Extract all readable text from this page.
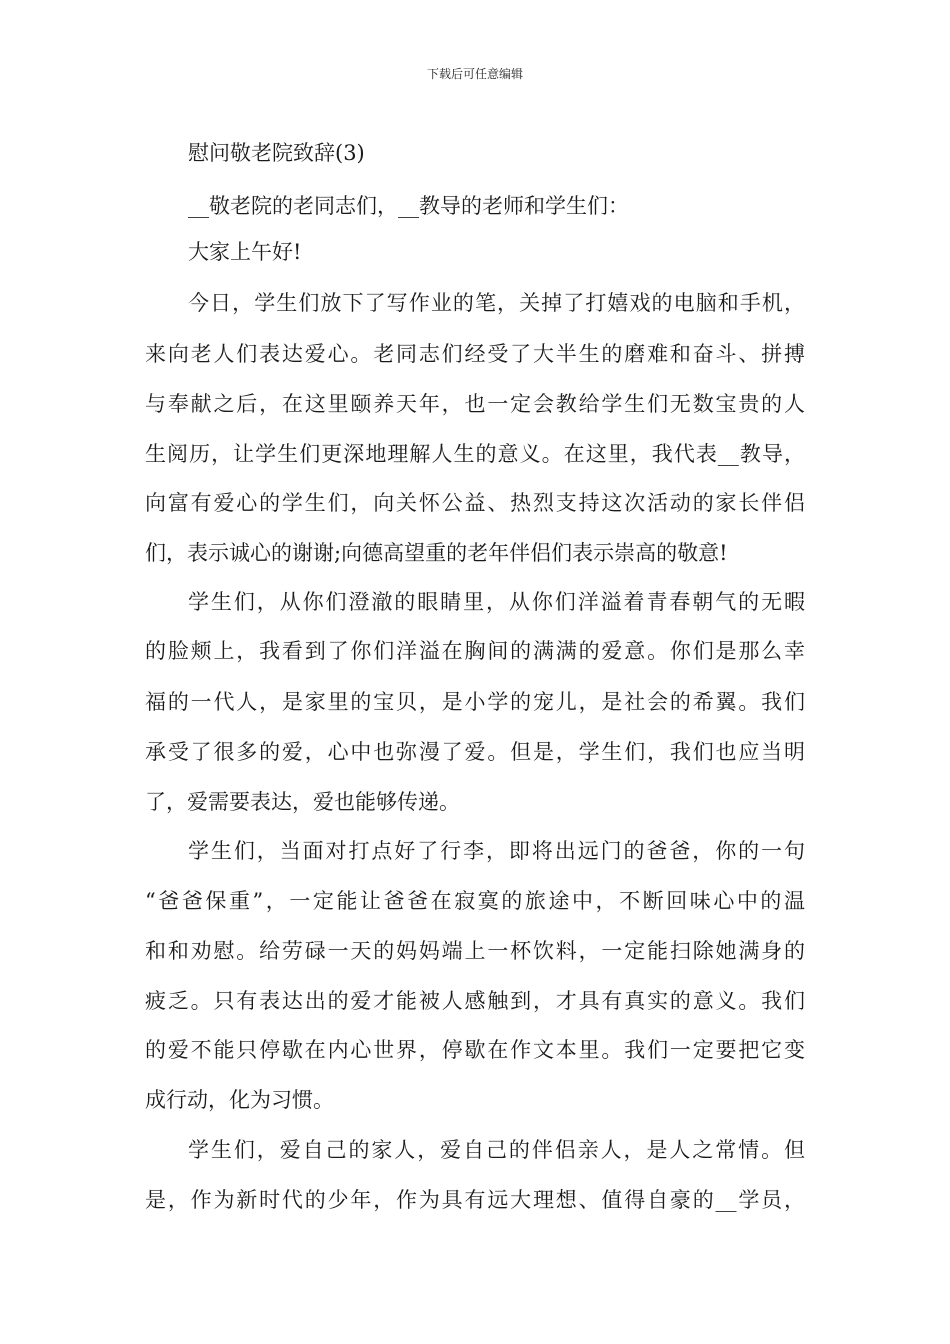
下载后可任意编辑
慰问敬老院致辞(3)
__敬老院的老同志们，__教导的老师和学生们：
大家上午好!
今日，学生们放下了写作业的笔，关掉了打嬉戏的电脑和手机，
来向老人们表达爱心。老同志们经受了大半生的磨难和奋斗、拼搏
与奉献之后，在这里颐养天年，也一定会教给学生们无数宝贵的人
生阅历，让学生们更深地理解人生的意义。在这里，我代表__教导，
向富有爱心的学生们，向关怀公益、热烈支持这次活动的家长伴侣
们，表示诚心的谢谢;向德高望重的老年伴侣们表示崇高的敬意!
学生们，从你们澄澈的眼睛里，从你们洋溢着青春朝气的无暇
的脸颊上，我看到了你们洋溢在胸间的满满的爱意。你们是那么幸
福的一代人，是家里的宝贝，是小学的宠儿，是社会的希翼。我们
承受了很多的爱，心中也弥漫了爱。但是，学生们，我们也应当明
了，爱需要表达，爱也能够传递。
学生们，当面对打点好了行李，即将出远门的爸爸，你的一句
“爸爸保重”，一定能让爸爸在寂寞的旅途中，不断回味心中的温
和和劝慰。给劳碌一天的妈妈端上一杯饮料，一定能扫除她满身的
疲乏。只有表达出的爱才能被人感触到，才具有真实的意义。我们
的爱不能只停歇在内心世界，停歇在作文本里。我们一定要把它变
成行动，化为习惯。
学生们，爱自己的家人，爱自己的伴侣亲人，是人之常情。但
是，作为新时代的少年，作为具有远大理想、值得自豪的__学员，
